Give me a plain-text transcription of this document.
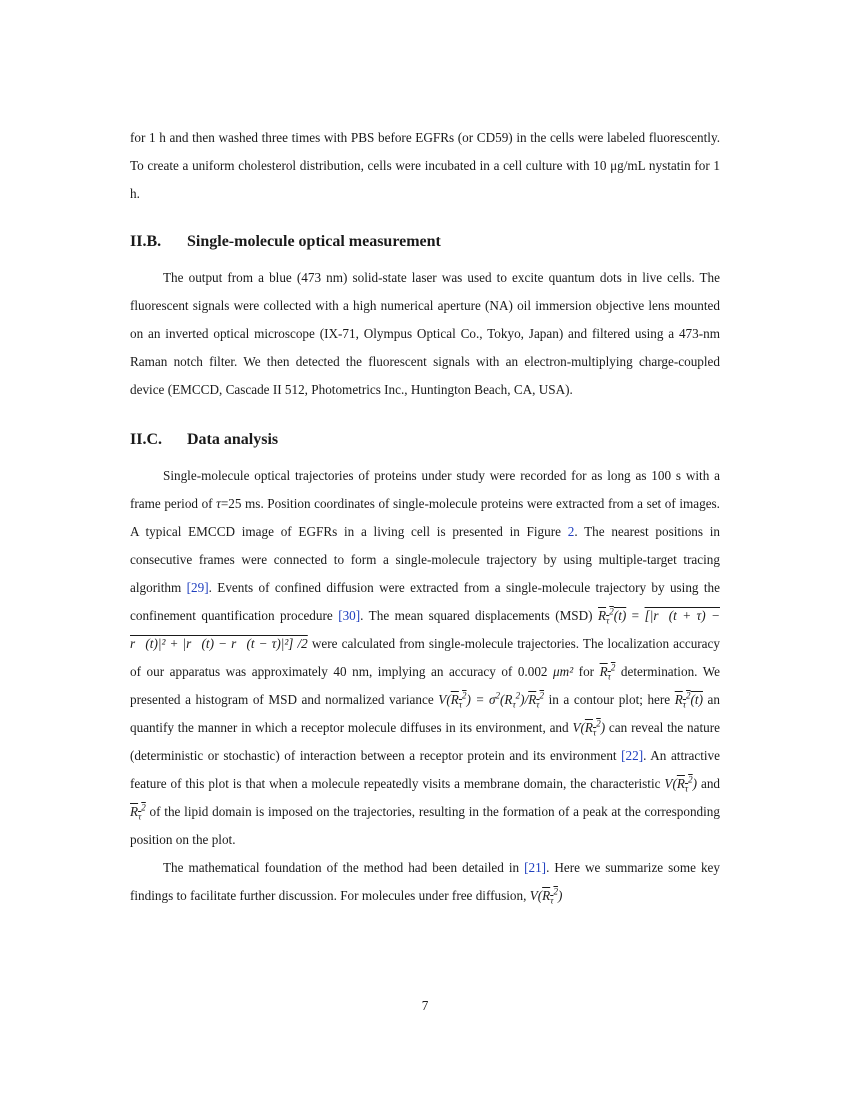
for 1 h and then washed three times with PBS before EGFRs (or CD59) in the cells were labeled fluorescently. To create a uniform cholesterol distribution, cells were incubated in a cell culture with 10 μg/mL nystatin for 1 h.

II.B. Single-molecule optical measurement

The output from a blue (473 nm) solid-state laser was used to excite quantum dots in live cells. The fluorescent signals were collected with a high numerical aperture (NA) oil immersion objective lens mounted on an inverted optical microscope (IX-71, Olympus Optical Co., Tokyo, Japan) and filtered using a 473-nm Raman notch filter. We then detected the fluorescent signals with an electron-multiplying charge-coupled device (EMCCD, Cascade II 512, Photometrics Inc., Huntington Beach, CA, USA).

II.C. Data analysis

Single-molecule optical trajectories of proteins under study were recorded for as long as 100 s with a frame period of τ=25 ms. Position coordinates of single-molecule proteins were extracted from a set of images. A typical EMCCD image of EGFRs in a living cell is presented in Figure 2. The nearest positions in consecutive frames were connected to form a single-molecule trajectory by using multiple-target tracing algorithm [29]. Events of confined diffusion were extracted from a single-molecule trajectory by using the confinement quantification procedure [30]. The mean squared displacements (MSD) $R_\tau^2(t)$ = [|r⃗(t + τ) − r⃗(t)|² + |r⃗(t) − r⃗(t − τ)|²] /2 were calculated from single-molecule trajectories. The localization accuracy of our apparatus was approximately 40 nm, implying an accuracy of 0.002 μm² for $R_\tau^2$ determination. We presented a histogram of MSD and normalized variance $V(R_\tau^2) = \sigma^2(R_\tau^2)/R_\tau^2$ in a contour plot; here $R_\tau^2(t)$ an quantify the manner in which a receptor molecule diffuses in its environment, and $V(R_\tau^2)$ can reveal the nature (deterministic or stochastic) of interaction between a receptor protein and its environment [22]. An attractive feature of this plot is that when a molecule repeatedly visits a membrane domain, the characteristic $V(R_\tau^2)$ and $R_\tau^2$ of the lipid domain is imposed on the trajectories, resulting in the formation of a peak at the corresponding position on the plot.

The mathematical foundation of the method had been detailed in [21]. Here we summarize some key findings to facilitate further discussion. For molecules under free diffusion, $V(R_\tau^2)$

7
